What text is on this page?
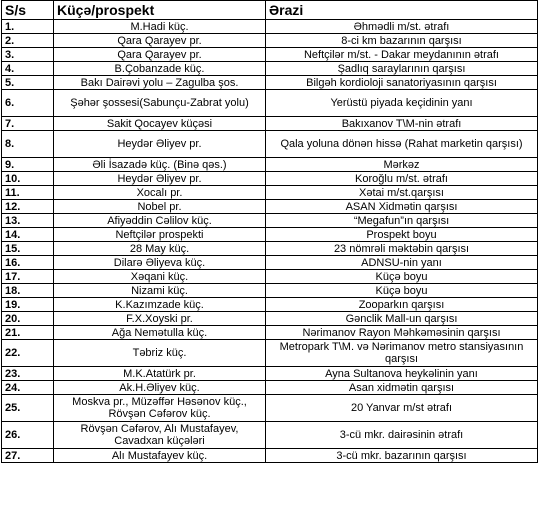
S/s	Küçə/prospekt	Ərazi
1.	M.Hadi küç.	Əhmədli m/st. ətrafı
2.	Qara Qarayev pr.	8-ci km bazarının qarşısı
3.	Qara Qarayev pr.	Neftçilər m/st. - Dakar meydanının ətrafı
4.	B.Çobanzade küç.	Şadlıq saraylarının qarşısı
5.	Bakı Dairəvi yolu – Zagulba şos.	Bilgəh kordioloji sanatoriyasının qarşısı
6.	Şəhər şossesi(Sabunçu-Zabrat yolu)	Yerüstü piyada keçidinin yanı
7.	Sakit Qocayev küçəsi	Bakıxanov T\M-nin ətrafı
8.	Heydər Əliyev pr.	Qala yoluna dönən hissə (Rahat marketin qarşısı)
9.	Əli İsazadə küç. (Binə qəs.)	Mərkəz
10.	Heydər Əliyev pr.	Koroğlu m/st. ətrafı
11.	Xocalı pr.	Xətai m/st.qarşısı
12.	Nobel pr.	ASAN Xidmətin qarşısı
13.	Afiyəddin Cəlilov küç.	“Megafun”ın qarşısı
14.	Neftçilər prospekti	Prospekt boyu
15.	28 May küç.	23 nömrəli məktəbin qarşısı
16.	Dilarə Əliyeva küç.	ADNSU-nin yanı
17.	Xəqani küç.	Küçə boyu
18.	Nizami küç.	Küçə boyu
19.	K.Kazımzade küç.	Zooparkın qarşısı
20.	F.X.Xoyski pr.	Gənclik Mall-un qarşısı
21.	Ağa Nemətulla küç.	Nərimanov Rayon Məhkəməsinin qarşısı
22.	Təbriz küç.	Metropark T\M. və Nərimanov metro stansiyasının qarşısı
23.	M.K.Atatürk pr.	Ayna Sultanova heykəlinin yanı
24.	Ak.H.Əliyev küç.	Asan xidmətin qarşısı
25.	Moskva pr., Müzəffər Həsənov küç., Rövşən Cəfərov küç.	20 Yanvar m/st ətrafı
26.	Rövşən Cəfərov, Alı Mustafayev, Cavadxan küçələri	3-cü mkr. dairəsinin ətrafı
27.	Alı Mustafayev küç.	3-cü mkr. bazarının qarşısı
